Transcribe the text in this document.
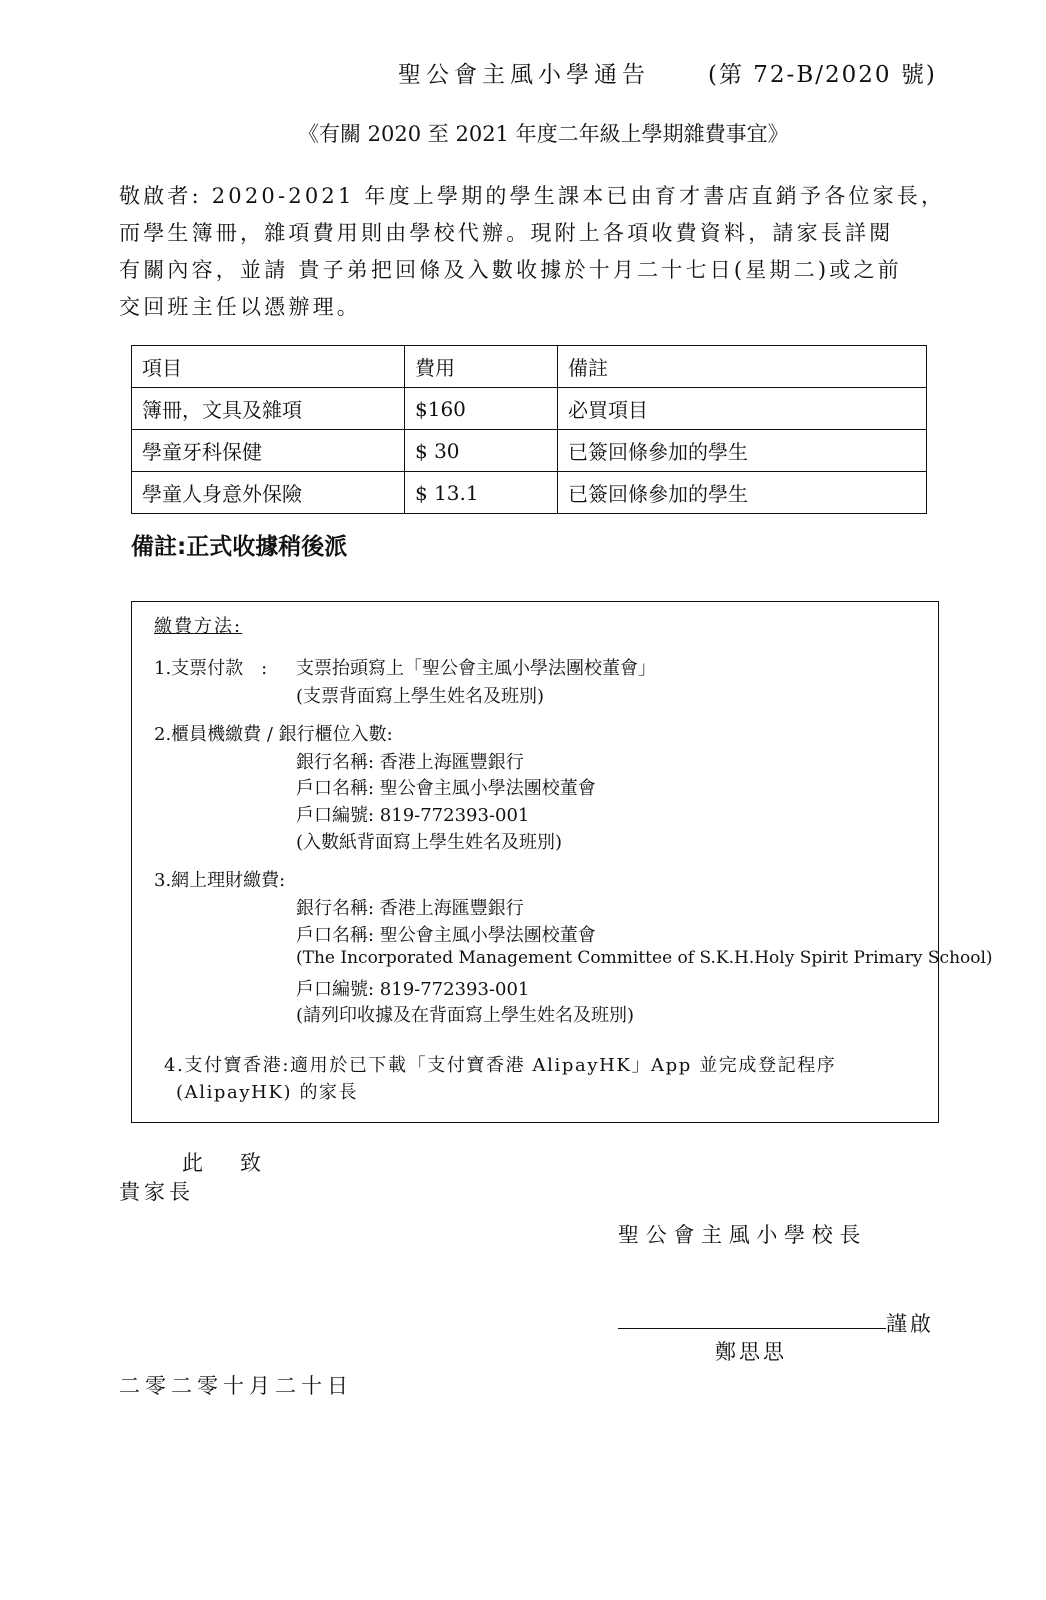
聖公會主風小學通告	(第 72-B/2020 號)
《有關 2020 至 2021 年度二年級上學期雜費事宜》
敬啟者: 2020-2021 年度上學期的學生課本已由育才書店直銷予各位家長，
而學生簿冊，雜項費用則由學校代辦。現附上各項收費資料，請家長詳閱
有關內容，並請 貴子弟把回條及入數收據於十月二十七日(星期二)或之前
交回班主任以憑辦理。
項目	費用	備註
簿冊，文具及雜項	$160	必買項目
學童牙科保健	$ 30	已簽回條參加的學生
學童人身意外保險	$ 13.1	已簽回條參加的學生
備註:正式收據稍後派
繳費方法:
1.支票付款　: 支票抬頭寫上「聖公會主風小學法團校董會」
(支票背面寫上學生姓名及班別)
2.櫃員機繳費 / 銀行櫃位入數:
銀行名稱: 香港上海匯豐銀行
戶口名稱: 聖公會主風小學法團校董會
戶口編號: 819-772393-001
(入數紙背面寫上學生姓名及班別)
3.網上理財繳費:
銀行名稱: 香港上海匯豐銀行
戶口名稱: 聖公會主風小學法團校董會
(The Incorporated Management Committee of S.K.H.Holy Spirit Primary School)
戶口編號: 819-772393-001
(請列印收據及在背面寫上學生姓名及班別)
4.支付寶香港:適用於已下載「支付寶香港 AlipayHK」App 並完成登記程序
(AlipayHK) 的家長
此 致
貴家長
聖 公 會 主 風 小 學 校 長
謹啟
鄭思思
二零二零十月二十日
